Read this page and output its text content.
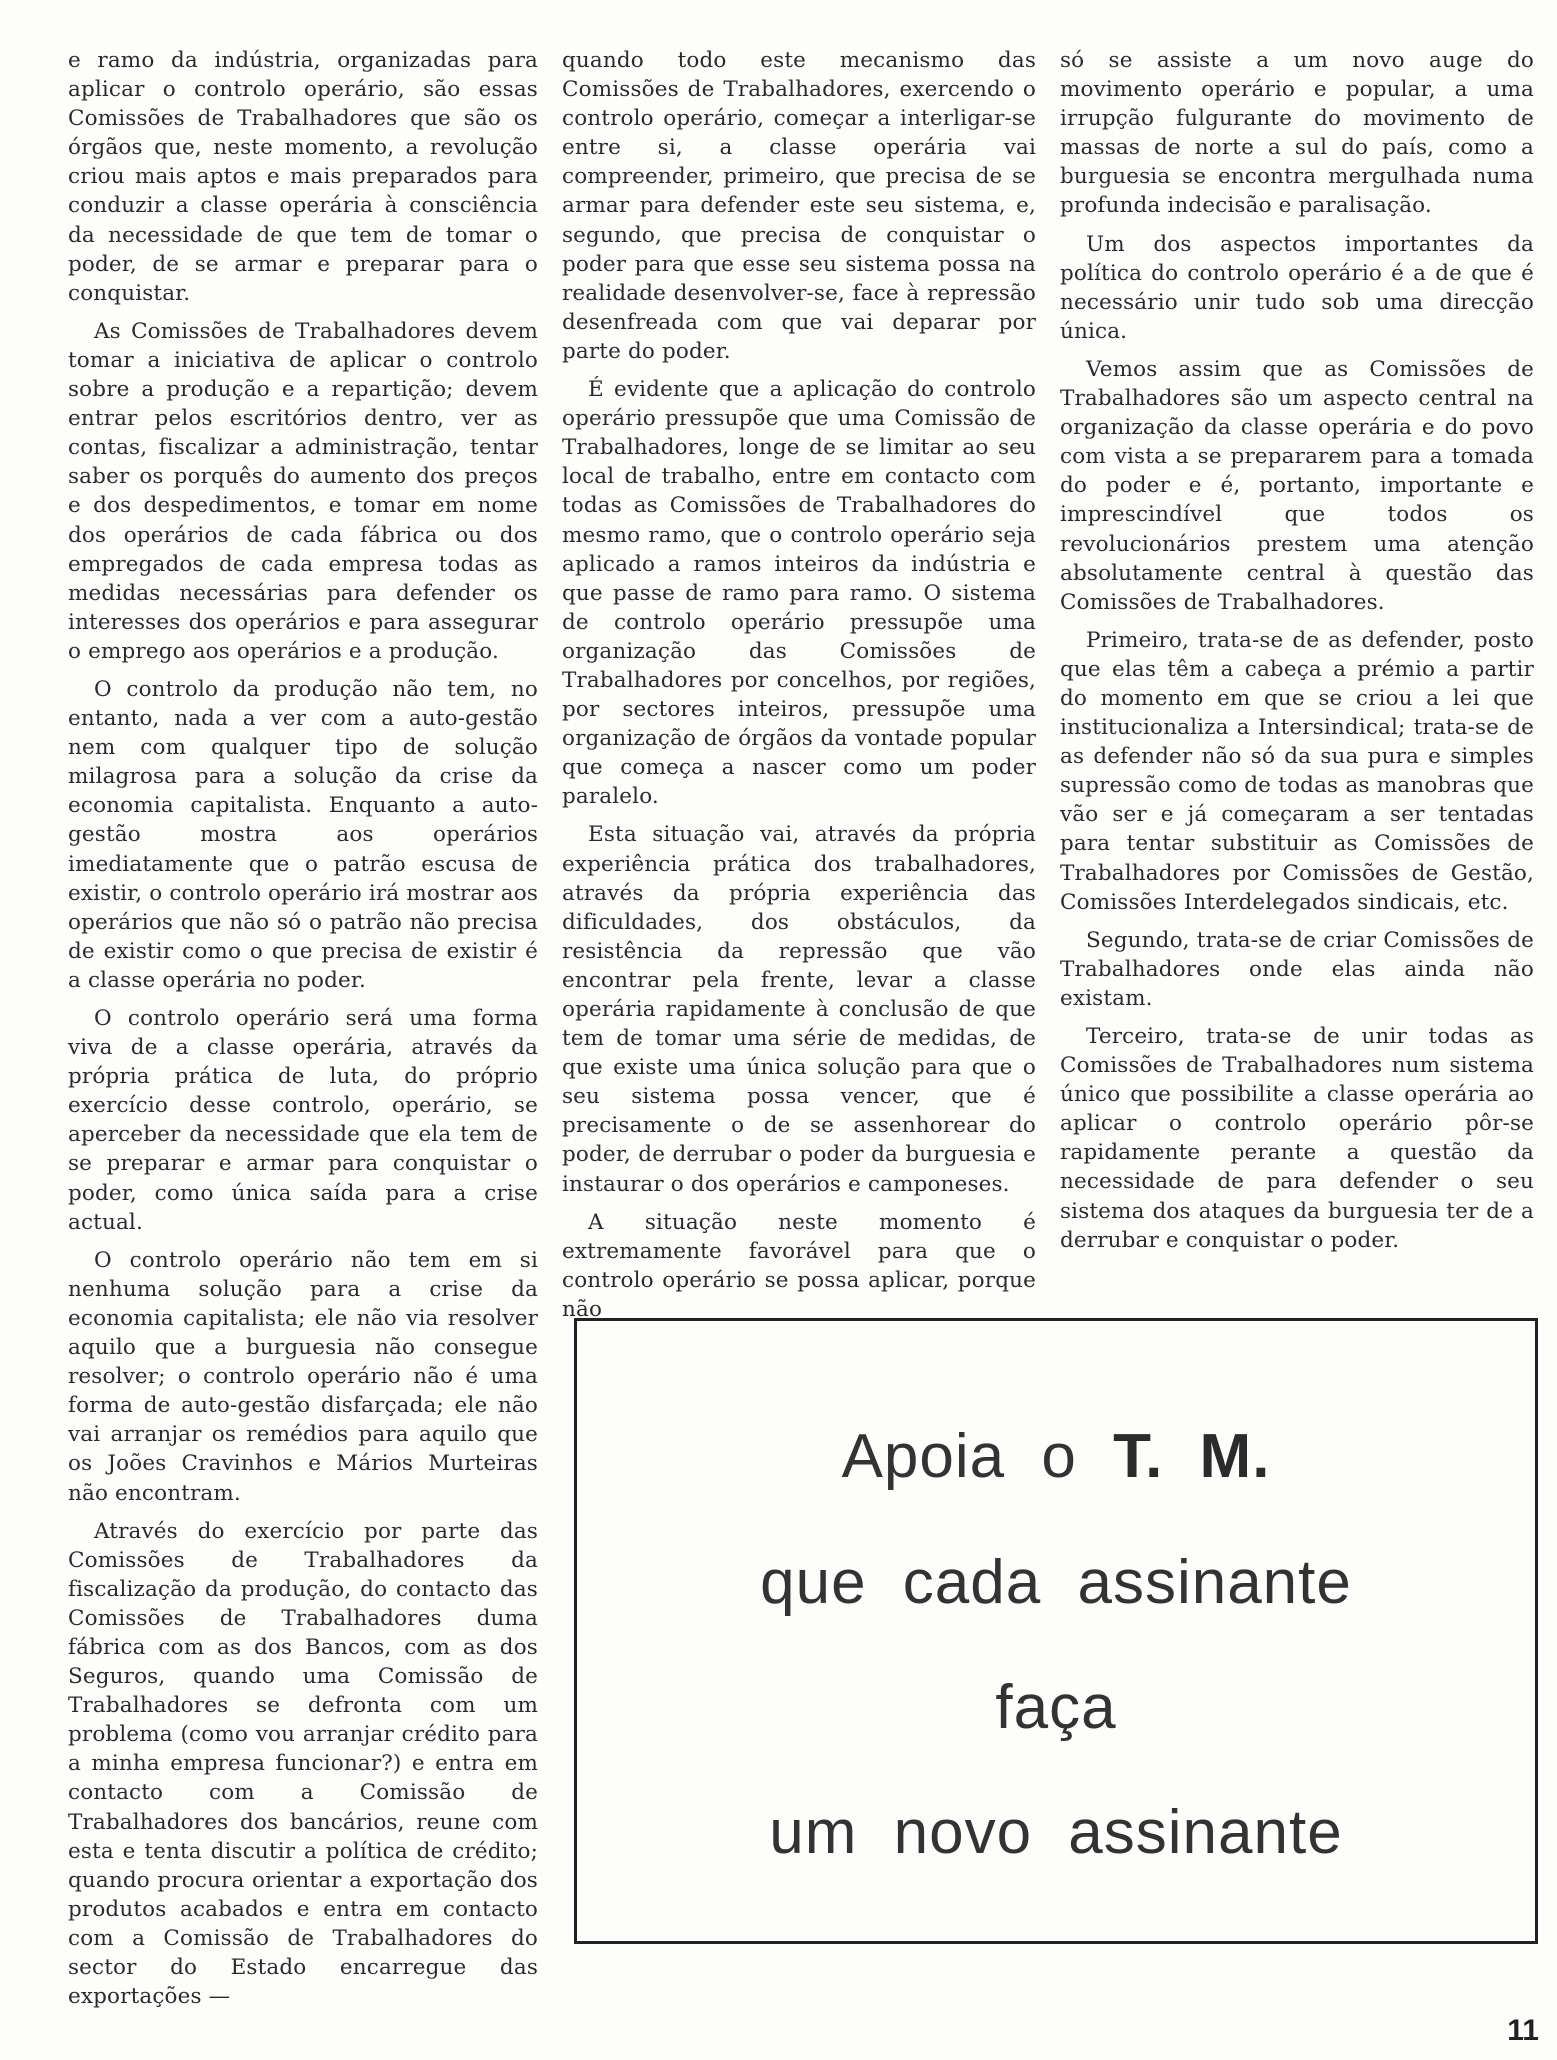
e ramo da indústria, organizadas para aplicar o controlo operário, são essas Comissões de Trabalhadores que são os órgãos que, neste momento, a revolução criou mais aptos e mais preparados para conduzir a classe operária à consciência da necessidade de que tem de tomar o poder, de se armar e preparar para o conquistar.

As Comissões de Trabalhadores devem tomar a iniciativa de aplicar o controlo sobre a produção e a repartição; devem entrar pelos escritórios dentro, ver as contas, fiscalizar a administração, tentar saber os porquês do aumento dos preços e dos despedimentos, e tomar em nome dos operários de cada fábrica ou dos empregados de cada empresa todas as medidas necessárias para defender os interesses dos operários e para assegurar o emprego aos operários e a produção.

O controlo da produção não tem, no entanto, nada a ver com a auto-gestão nem com qualquer tipo de solução milagrosa para a solução da crise da economia capitalista. Enquanto a auto-gestão mostra aos operários imediatamente que o patrão escusa de existir, o controlo operário irá mostrar aos operários que não só o patrão não precisa de existir como o que precisa de existir é a classe operária no poder.

O controlo operário será uma forma viva de a classe operária, através da própria prática de luta, do próprio exercício desse controlo, operário, se aperceber da necessidade que ela tem de se preparar e armar para conquistar o poder, como única saída para a crise actual.

O controlo operário não tem em si nenhuma solução para a crise da economia capitalista; ele não via resolver aquilo que a burguesia não consegue resolver; o controlo operário não é uma forma de auto-gestão disfarçada; ele não vai arranjar os remédios para aquilo que os Joões Cravinhos e Mários Murteiras não encontram.

Através do exercício por parte das Comissões de Trabalhadores da fiscalização da produção, do contacto das Comissões de Trabalhadores duma fábrica com as dos Bancos, com as dos Seguros, quando uma Comissão de Trabalhadores se defronta com um problema (como vou arranjar crédito para a minha empresa funcionar?) e entra em contacto com a Comissão de Trabalhadores dos bancários, reune com esta e tenta discutir a política de crédito; quando procura orientar a exportação dos produtos acabados e entra em contacto com a Comissão de Trabalhadores do sector do Estado encarregue das exportações —

quando todo este mecanismo das Comissões de Trabalhadores, exercendo o controlo operário, começar a interligar-se entre si, a classe operária vai compreender, primeiro, que precisa de se armar para defender este seu sistema, e, segundo, que precisa de conquistar o poder para que esse seu sistema possa na realidade desenvolver-se, face à repressão desenfreada com que vai deparar por parte do poder.

É evidente que a aplicação do controlo operário pressupõe que uma Comissão de Trabalhadores, longe de se limitar ao seu local de trabalho, entre em contacto com todas as Comissões de Trabalhadores do mesmo ramo, que o controlo operário seja aplicado a ramos inteiros da indústria e que passe de ramo para ramo. O sistema de controlo operário pressupõe uma organização das Comissões de Trabalhadores por concelhos, por regiões, por sectores inteiros, pressupõe uma organização de órgãos da vontade popular que começa a nascer como um poder paralelo.

Esta situação vai, através da própria experiência prática dos trabalhadores, através da própria experiência das dificuldades, dos obstáculos, da resistência da repressão que vão encontrar pela frente, levar a classe operária rapidamente à conclusão de que tem de tomar uma série de medidas, de que existe uma única solução para que o seu sistema possa vencer, que é precisamente o de se assenhorear do poder, de derrubar o poder da burguesia e instaurar o dos operários e camponeses.

A situação neste momento é extremamente favorável para que o controlo operário se possa aplicar, porque não

só se assiste a um novo auge do movimento operário e popular, a uma irrupção fulgurante do movimento de massas de norte a sul do país, como a burguesia se encontra mergulhada numa profunda indecisão e paralisação.

Um dos aspectos importantes da política do controlo operário é a de que é necessário unir tudo sob uma direcção única.

Vemos assim que as Comissões de Trabalhadores são um aspecto central na organização da classe operária e do povo com vista a se prepararem para a tomada do poder e é, portanto, importante e imprescindível que todos os revolucionários prestem uma atenção absolutamente central à questão das Comissões de Trabalhadores.

Primeiro, trata-se de as defender, posto que elas têm a cabeça a prémio a partir do momento em que se criou a lei que institucionaliza a Intersindical; trata-se de as defender não só da sua pura e simples supressão como de todas as manobras que vão ser e já começaram a ser tentadas para tentar substituir as Comissões de Trabalhadores por Comissões de Gestão, Comissões Interdelegados sindicais, etc.

Segundo, trata-se de criar Comissões de Trabalhadores onde elas ainda não existam.

Terceiro, trata-se de unir todas as Comissões de Trabalhadores num sistema único que possibilite a classe operária ao aplicar o controlo operário pôr-se rapidamente perante a questão da necessidade de para defender o seu sistema dos ataques da burguesia ter de a derrubar e conquistar o poder.

Apoia o T. M.
que cada assinante
faça
um novo assinante
11
